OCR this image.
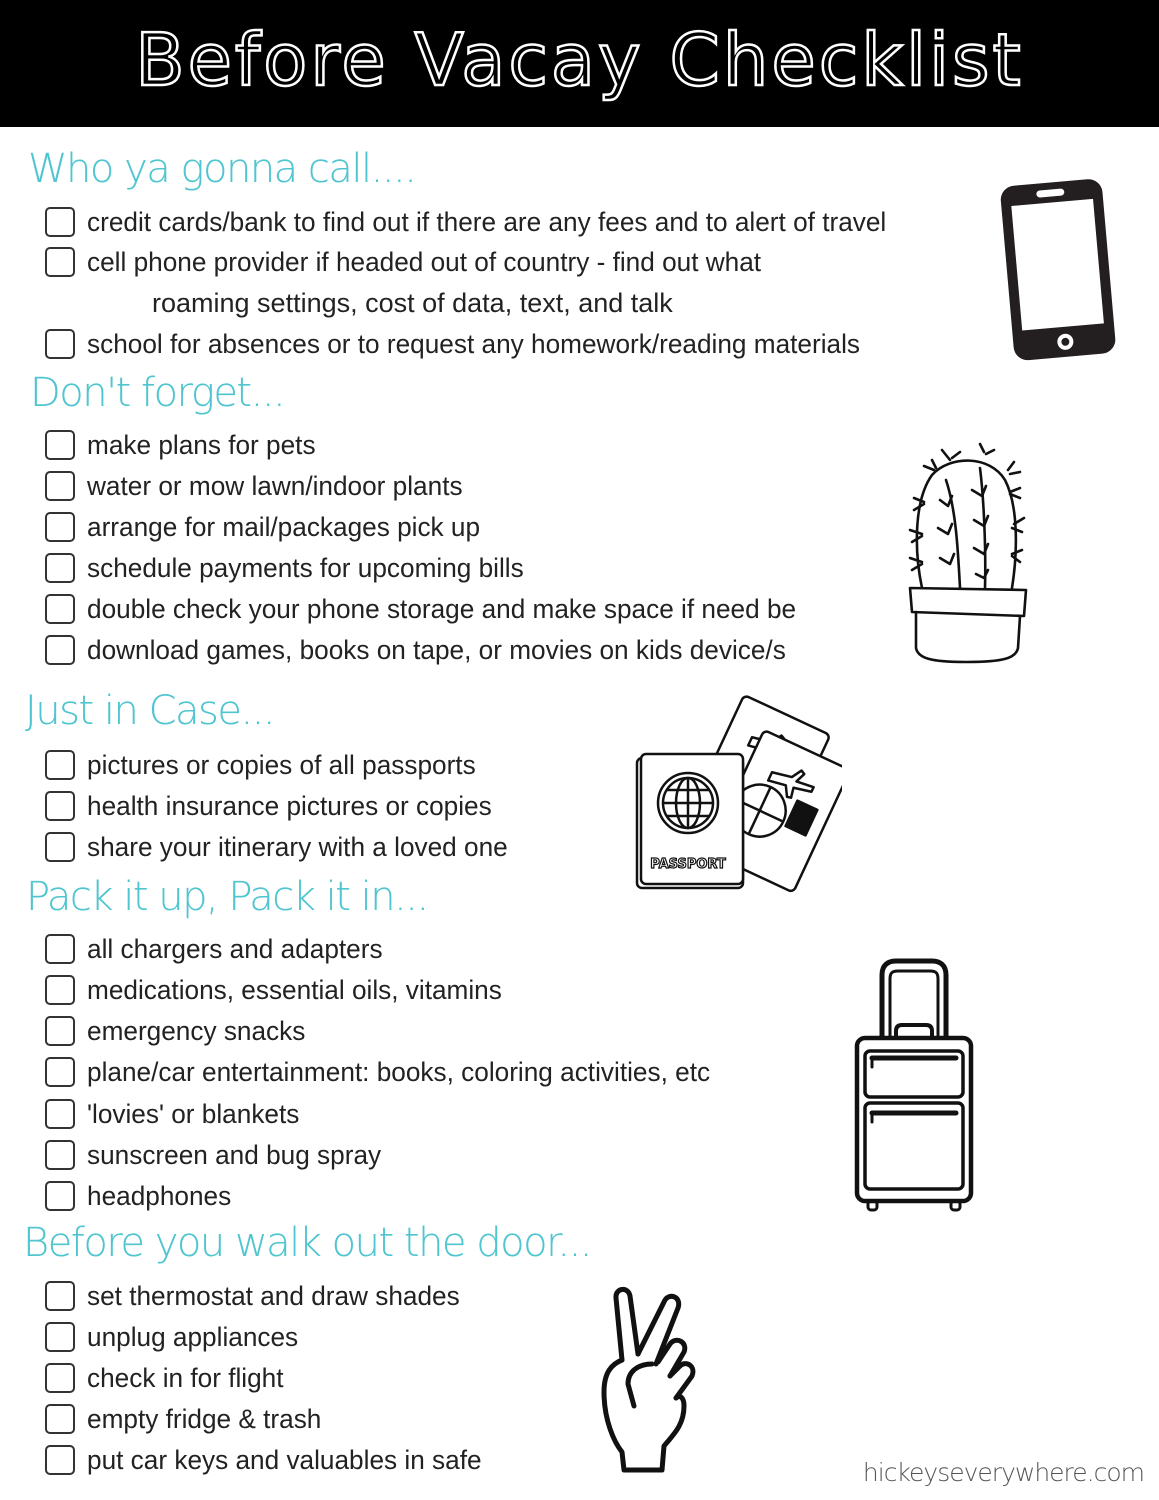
Before Vacay Checklist
Who ya gonna call....
credit cards/bank to find out if there are any fees and to alert of travel
cell phone provider if headed out of country - find out what
roaming settings, cost of data, text, and talk
school for absences or to request any homework/reading materials
Don't forget...
make plans for pets
water or mow lawn/indoor plants
arrange for mail/packages pick up
schedule payments for upcoming bills
double check your phone storage and make space if need be
download games, books on tape, or movies on kids device/s
Just in Case...
pictures or copies of all passports
health insurance pictures or copies
share your itinerary with a loved one
PASSPORT
Pack it up, Pack it in...
all chargers and adapters
medications, essential oils, vitamins
emergency snacks
plane/car entertainment: books, coloring activities, etc
'lovies' or blankets
sunscreen and bug spray
headphones
Before you walk out the door...
set thermostat and draw shades
unplug appliances
check in for flight
empty fridge & trash
put car keys and valuables in safe	hickeyseverywhere.com
